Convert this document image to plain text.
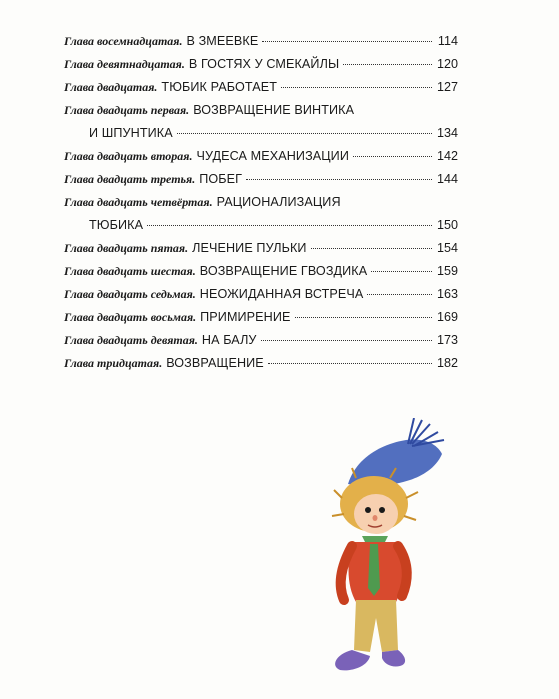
Глава восемнадцатая. В ЗМЕЕВКЕ	114
Глава девятнадцатая. В ГОСТЯХ У СМЕКАЙЛЫ	120
Глава двадцатая. ТЮБИК РАБОТАЕТ	127
Глава двадцать первая. ВОЗВРАЩЕНИЕ ВИНТИКА
И ШПУНТИКА	134
Глава двадцать вторая. ЧУДЕСА МЕХАНИЗАЦИИ	142
Глава двадцать третья. ПОБЕГ	144
Глава двадцать четвёртая. РАЦИОНАЛИЗАЦИЯ
ТЮБИКА	150
Глава двадцать пятая. ЛЕЧЕНИЕ ПУЛЬКИ	154
Глава двадцать шестая. ВОЗВРАЩЕНИЕ ГВОЗДИКА	159
Глава двадцать седьмая. НЕОЖИДАННАЯ ВСТРЕЧА	163
Глава двадцать восьмая. ПРИМИРЕНИЕ	169
Глава двадцать девятая. НА БАЛУ	173
Глава тридцатая. ВОЗВРАЩЕНИЕ	182
